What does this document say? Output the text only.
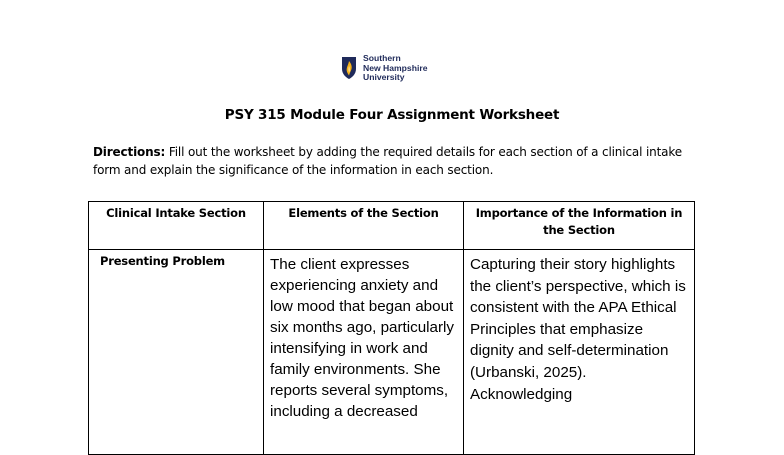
Southern
New Hampshire
University
PSY 315 Module Four Assignment Worksheet
Directions: Fill out the worksheet by adding the required details for each section of a clinical intake form and explain the significance of the information in each section.
Clinical Intake Section	Elements of the Section	Importance of the Information in the Section

Presenting Problem	The client expresses experiencing anxiety and low mood that began about six months ago, particularly intensifying in work and family environments. She reports several symptoms, including a decreased	Capturing their story highlights the client’s perspective, which is consistent with the APA Ethical Principles that emphasize dignity and self-determination (Urbanski, 2025). Acknowledging
